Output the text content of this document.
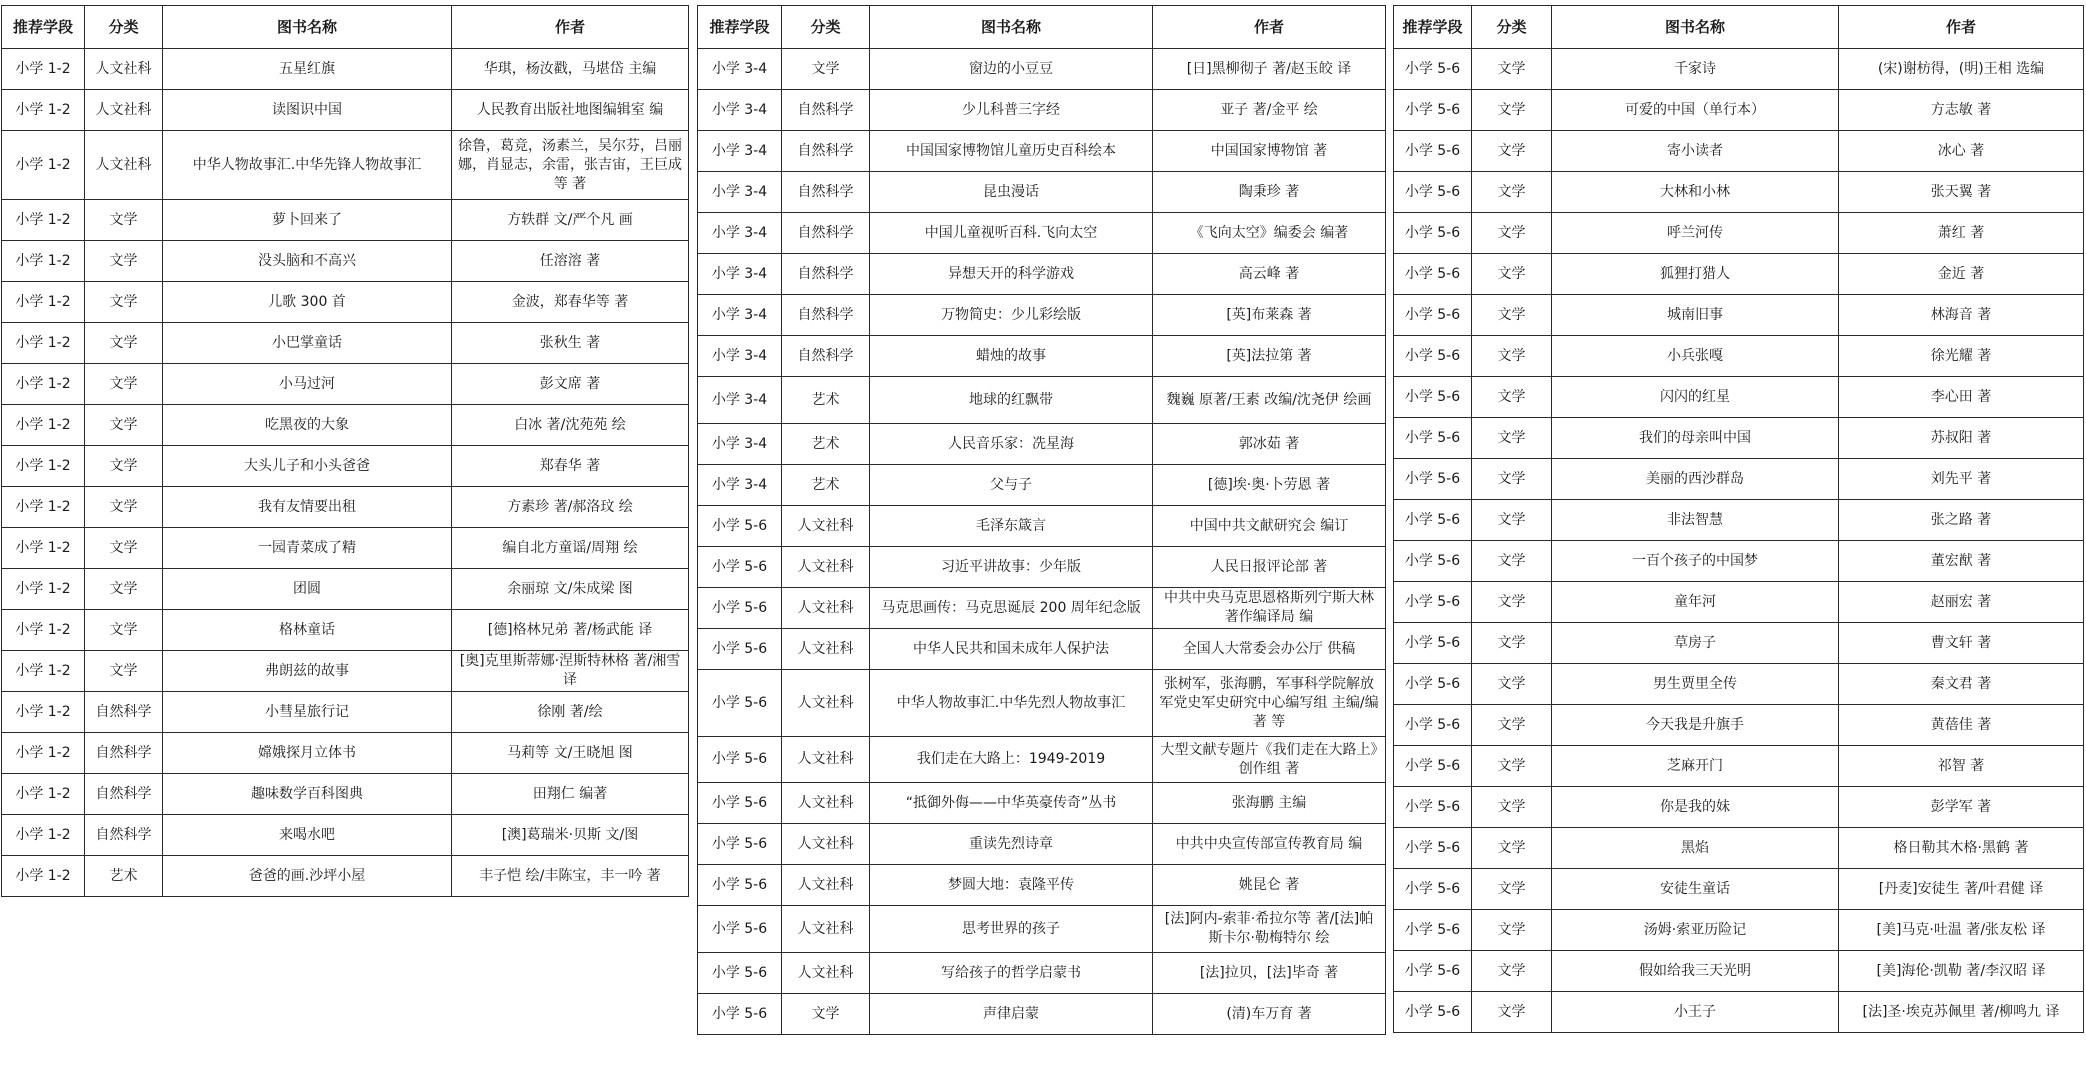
推荐学段	分类	图书名称	作者
小学 1-2	人文社科	五星红旗	华琪，杨汝戳，马堪岱 主编
小学 1-2	人文社科	读图识中国	人民教育出版社地图编辑室 编
小学 1-2	人文社科	中华人物故事汇.中华先锋人物故事汇	徐鲁，葛竞，汤素兰，吴尔芬，吕丽娜，肖显志，余雷，张吉宙，王巨成等 著
小学 1-2	文学	萝卜回来了	方轶群 文/严个凡 画
小学 1-2	文学	没头脑和不高兴	任溶溶 著
小学 1-2	文学	儿歌 300 首	金波，郑春华等 著
小学 1-2	文学	小巴掌童话	张秋生 著
小学 1-2	文学	小马过河	彭文席 著
小学 1-2	文学	吃黑夜的大象	白冰 著/沈苑苑 绘
小学 1-2	文学	大头儿子和小头爸爸	郑春华 著
小学 1-2	文学	我有友情要出租	方素珍 著/郝洛玟 绘
小学 1-2	文学	一园青菜成了精	编自北方童谣/周翔 绘
小学 1-2	文学	团圆	余丽琼 文/朱成梁 图
小学 1-2	文学	格林童话	[德]格林兄弟 著/杨武能 译
小学 1-2	文学	弗朗兹的故事	[奥]克里斯蒂娜·涅斯特林格 著/湘雪 译
小学 1-2	自然科学	小彗星旅行记	徐刚 著/绘
小学 1-2	自然科学	嫦娥探月立体书	马莉等 文/王晓旭 图
小学 1-2	自然科学	趣味数学百科图典	田翔仁 编著
小学 1-2	自然科学	来喝水吧	[澳]葛瑞米·贝斯 文/图
小学 1-2	艺术	爸爸的画.沙坪小屋	丰子恺 绘/丰陈宝，丰一吟 著
推荐学段	分类	图书名称	作者
小学 3-4	文学	窗边的小豆豆	[日]黑柳彻子 著/赵玉皎 译
小学 3-4	自然科学	少儿科普三字经	亚子 著/金平 绘
小学 3-4	自然科学	中国国家博物馆儿童历史百科绘本	中国国家博物馆 著
小学 3-4	自然科学	昆虫漫话	陶秉珍 著
小学 3-4	自然科学	中国儿童视听百科.飞向太空	《飞向太空》编委会 编著
小学 3-4	自然科学	异想天开的科学游戏	高云峰 著
小学 3-4	自然科学	万物简史：少儿彩绘版	[英]布莱森 著
小学 3-4	自然科学	蜡烛的故事	[英]法拉第 著
小学 3-4	艺术	地球的红飘带	魏巍 原著/王素 改编/沈尧伊 绘画
小学 3-4	艺术	人民音乐家：冼星海	郭冰茹 著
小学 3-4	艺术	父与子	[德]埃·奥·卜劳恩 著
小学 5-6	人文社科	毛泽东箴言	中国中共文献研究会 编订
小学 5-6	人文社科	习近平讲故事：少年版	人民日报评论部 著
小学 5-6	人文社科	马克思画传：马克思诞辰 200 周年纪念版	中共中央马克思恩格斯列宁斯大林著作编译局 编
小学 5-6	人文社科	中华人民共和国未成年人保护法	全国人大常委会办公厅 供稿
小学 5-6	人文社科	中华人物故事汇.中华先烈人物故事汇	张树军，张海鹏，军事科学院解放军党史军史研究中心编写组 主编/编著 等
小学 5-6	人文社科	我们走在大路上：1949-2019	大型文献专题片《我们走在大路上》创作组 著
小学 5-6	人文社科	“抵御外侮——中华英豪传奇”丛书	张海鹏 主编
小学 5-6	人文社科	重读先烈诗章	中共中央宣传部宣传教育局 编
小学 5-6	人文社科	梦圆大地：袁隆平传	姚昆仑 著
小学 5-6	人文社科	思考世界的孩子	[法]阿内-索菲·希拉尔等 著/[法]帕斯卡尔·勒梅特尔 绘
小学 5-6	人文社科	写给孩子的哲学启蒙书	[法]拉贝，[法]毕奇 著
小学 5-6	文学	声律启蒙	(清)车万育 著
推荐学段	分类	图书名称	作者
小学 5-6	文学	千家诗	(宋)谢枋得，(明)王相 选编
小学 5-6	文学	可爱的中国（单行本）	方志敏 著
小学 5-6	文学	寄小读者	冰心 著
小学 5-6	文学	大林和小林	张天翼 著
小学 5-6	文学	呼兰河传	萧红 著
小学 5-6	文学	狐狸打猎人	金近 著
小学 5-6	文学	城南旧事	林海音 著
小学 5-6	文学	小兵张嘎	徐光耀 著
小学 5-6	文学	闪闪的红星	李心田 著
小学 5-6	文学	我们的母亲叫中国	苏叔阳 著
小学 5-6	文学	美丽的西沙群岛	刘先平 著
小学 5-6	文学	非法智慧	张之路 著
小学 5-6	文学	一百个孩子的中国梦	董宏猷 著
小学 5-6	文学	童年河	赵丽宏 著
小学 5-6	文学	草房子	曹文轩 著
小学 5-6	文学	男生贾里全传	秦文君 著
小学 5-6	文学	今天我是升旗手	黄蓓佳 著
小学 5-6	文学	芝麻开门	祁智 著
小学 5-6	文学	你是我的妹	彭学军 著
小学 5-6	文学	黑焰	格日勒其木格·黑鹤 著
小学 5-6	文学	安徒生童话	[丹麦]安徒生 著/叶君健 译
小学 5-6	文学	汤姆·索亚历险记	[美]马克·吐温 著/张友松 译
小学 5-6	文学	假如给我三天光明	[美]海伦·凯勒 著/李汉昭 译
小学 5-6	文学	小王子	[法]圣·埃克苏佩里 著/柳鸣九 译
